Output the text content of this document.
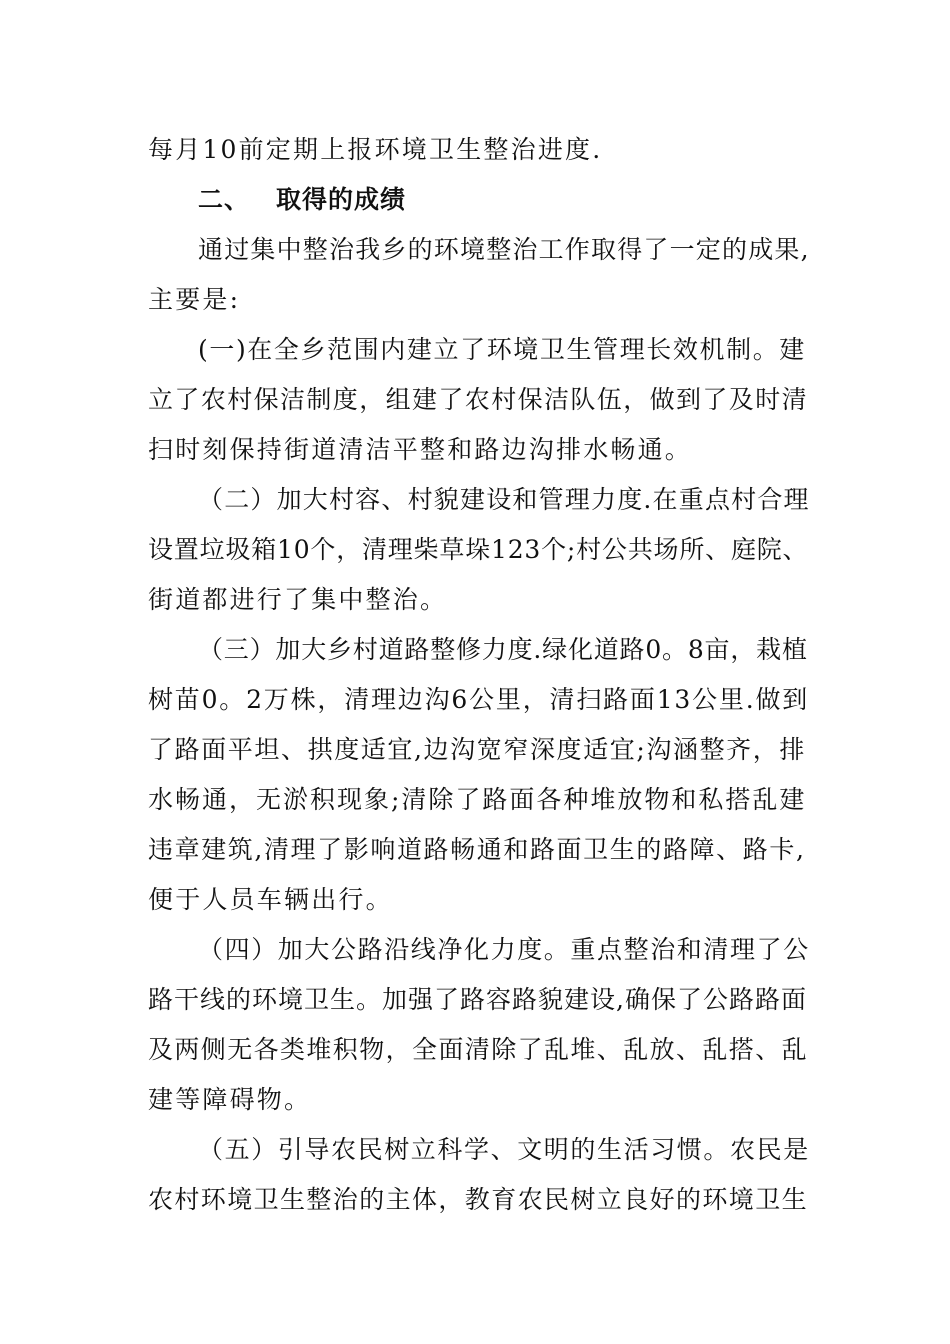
每月10前定期上报环境卫生整治进度.
二、 取得的成绩
通过集中整治我乡的环境整治工作取得了一定的成果,
主要是:
(一)在全乡范围内建立了环境卫生管理长效机制。建
立了农村保洁制度，组建了农村保洁队伍，做到了及时清
扫时刻保持街道清洁平整和路边沟排水畅通。
（二）加大村容、村貌建设和管理力度.在重点村合理
设置垃圾箱10个，清理柴草垛123个;村公共场所、庭院、
街道都进行了集中整治。
（三）加大乡村道路整修力度.绿化道路0。8亩，栽植
树苗0。2万株，清理边沟6公里，清扫路面13公里.做到
了路面平坦、拱度适宜,边沟宽窄深度适宜;沟涵整齐，排
水畅通，无淤积现象;清除了路面各种堆放物和私搭乱建
违章建筑,清理了影响道路畅通和路面卫生的路障、路卡,
便于人员车辆出行。
（四）加大公路沿线净化力度。重点整治和清理了公
路干线的环境卫生。加强了路容路貌建设,确保了公路路面
及两侧无各类堆积物，全面清除了乱堆、乱放、乱搭、乱
建等障碍物。
（五）引导农民树立科学、文明的生活习惯。农民是
农村环境卫生整治的主体，教育农民树立良好的环境卫生
